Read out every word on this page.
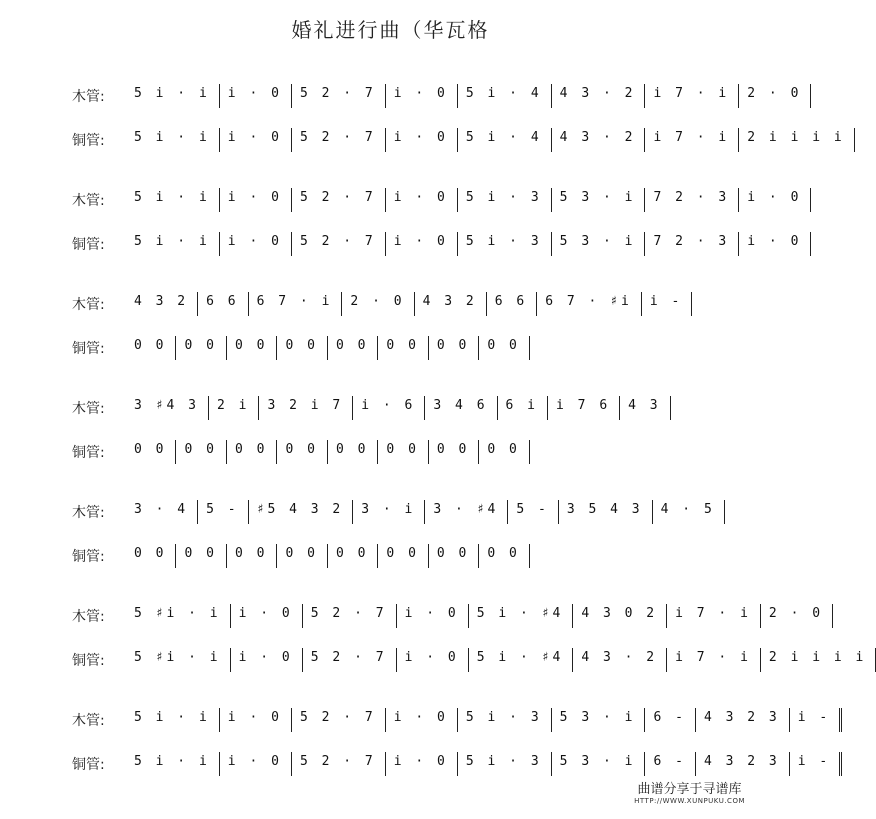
婚礼进行曲（华瓦格
木管: 5 i · i i · 0 5 2 · 7 i · 0 5 i · 4 4 3 · 2 i 7 · i 2 · 0
铜管: 5 i · i i · 0 5 2 · 7 i · 0 5 i · 4 4 3 · 2 i 7 · i 2 i i i i
木管: 5 i · i i · 0 5 2 · 7 i · 0 5 i · 3 5 3 · i 7 2 · 3 i · 0
铜管: 5 i · i i · 0 5 2 · 7 i · 0 5 i · 3 5 3 · i 7 2 · 3 i · 0
木管: 4 3 2 6 6 6 7 · i 2 · 0 4 3 2 6 6 6 7 · ♯i i -
铜管: 0 0 0 0 0 0 0 0 0 0 0 0 0 0 0 0
木管: 3 ♯4 3 2 i 3 2 i 7 i · 6 3 4 6 6 i i 7 6 4 3
铜管: 0 0 0 0 0 0 0 0 0 0 0 0 0 0 0 0
木管: 3 · 4 5 - ♯5 4 3 2 3 · i 3 · ♯4 5 - 3 5 4 3 4 · 5
铜管: 0 0 0 0 0 0 0 0 0 0 0 0 0 0 0 0
木管: 5 ♯i · i i · 0 5 2 · 7 i · 0 5 i · ♯4 4 3 0 2 i 7 · i 2 · 0
铜管: 5 ♯i · i i · 0 5 2 · 7 i · 0 5 i · ♯4 4 3 · 2 i 7 · i 2 i i i i
木管: 5 i · i i · 0 5 2 · 7 i · 0 5 i · 3 5 3 · i 6 - 4 3 2 3 i -
铜管: 5 i · i i · 0 5 2 · 7 i · 0 5 i · 3 5 3 · i 6 - 4 3 2 3 i -
曲谱分享于寻谱库
HTTP://WWW.XUNPUKU.COM
